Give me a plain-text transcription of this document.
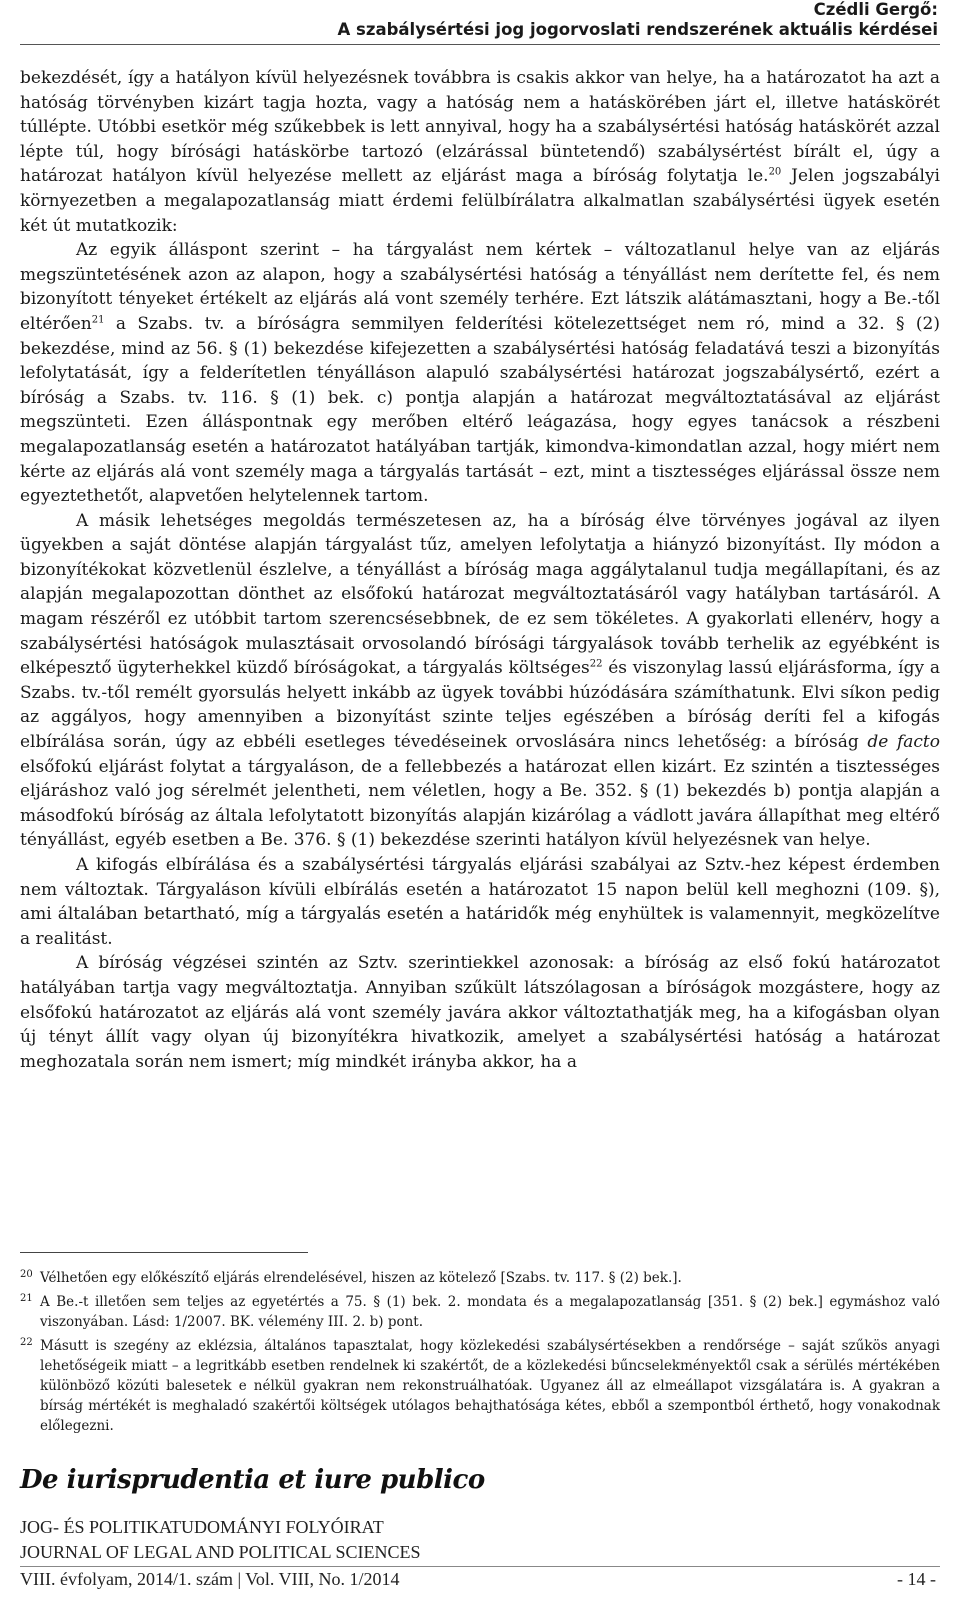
Czédli Gergő:
A szabálysértési jog jogorvoslati rendszerének aktuális kérdései

bekezdését, így a hatályon kívül helyezésnek továbbra is csakis akkor van helye, ha a határozatot ha azt a hatóság törvényben kizárt tagja hozta, vagy a hatóság nem a hatáskörében járt el, illetve hatáskörét túllépte. Utóbbi esetkör még szűkebbek is lett annyival, hogy ha a szabálysértési hatóság hatáskörét azzal lépte túl, hogy bírósági hatáskörbe tartozó (elzárással büntetendő) szabálysértést bírált el, úgy a határozat hatályon kívül helyezése mellett az eljárást maga a bíróság folytatja le.$^{20}$ Jelen jogszabályi környezetben a megalapozatlanság miatt érdemi felülbírálatra alkalmatlan szabálysértési ügyek esetén két út mutatkozik:

Az egyik álláspont szerint – ha tárgyalást nem kértek – változatlanul helye van az eljárás megszüntetésének azon az alapon, hogy a szabálysértési hatóság a tényállást nem derítette fel, és nem bizonyított tényeket értékelt az eljárás alá vont személy terhére. Ezt látszik alátámasztani, hogy a Be.-től eltérően$^{21}$ a Szabs. tv. a bíróságra semmilyen felderítési kötelezettséget nem ró, mind a 32. § (2) bekezdése, mind az 56. § (1) bekezdése kifejezetten a szabálysértési hatóság feladatává teszi a bizonyítás lefolytatását, így a felderítetlen tényálláson alapuló szabálysértési határozat jogszabálysértő, ezért a bíróság a Szabs. tv. 116. § (1) bek. c) pontja alapján a határozat megváltoztatásával az eljárást megszünteti. Ezen álláspontnak egy merőben eltérő leágazása, hogy egyes tanácsok a részbeni megalapozatlanság esetén a határozatot hatályában tartják, kimondva-kimondatlan azzal, hogy miért nem kérte az eljárás alá vont személy maga a tárgyalás tartását – ezt, mint a tisztességes eljárással össze nem egyeztethetőt, alapvetően helytelennek tartom.

A másik lehetséges megoldás természetesen az, ha a bíróság élve törvényes jogával az ilyen ügyekben a saját döntése alapján tárgyalást tűz, amelyen lefolytatja a hiányzó bizonyítást. Ily módon a bizonyítékokat közvetlenül észlelve, a tényállást a bíróság maga aggálytalanul tudja megállapítani, és az alapján megalapozottan dönthet az elsőfokú határozat megváltoztatásáról vagy hatályban tartásáról. A magam részéről ez utóbbit tartom szerencsésebbnek, de ez sem tökéletes. A gyakorlati ellenérv, hogy a szabálysértési hatóságok mulasztásait orvosolandó bírósági tárgyalások tovább terhelik az egyébként is elképesztő ügyterhekkel küzdő bíróságokat, a tárgyalás költséges$^{22}$ és viszonylag lassú eljárásforma, így a Szabs. tv.-től remélt gyorsulás helyett inkább az ügyek további húzódására számíthatunk. Elvi síkon pedig az aggályos, hogy amennyiben a bizonyítást szinte teljes egészében a bíróság deríti fel a kifogás elbírálása során, úgy az ebbéli esetleges tévedéseinek orvoslására nincs lehetőség: a bíróság de facto elsőfokú eljárást folytat a tárgyaláson, de a fellebbezés a határozat ellen kizárt. Ez szintén a tisztességes eljáráshoz való jog sérelmét jelentheti, nem véletlen, hogy a Be. 352. § (1) bekezdés b) pontja alapján a másodfokú bíróság az általa lefolytatott bizonyítás alapján kizárólag a vádlott javára állapíthat meg eltérő tényállást, egyéb esetben a Be. 376. § (1) bekezdése szerinti hatályon kívül helyezésnek van helye.

A kifogás elbírálása és a szabálysértési tárgyalás eljárási szabályai az Sztv.-hez képest érdemben nem változtak. Tárgyaláson kívüli elbírálás esetén a határozatot 15 napon belül kell meghozni (109. §), ami általában betartható, míg a tárgyalás esetén a határidők még enyhültek is valamennyit, megközelítve a realitást.

A bíróság végzései szintén az Sztv. szerintiekkel azonosak: a bíróság az első fokú határozatot hatályában tartja vagy megváltoztatja. Annyiban szűkült látszólagosan a bíróságok mozgástere, hogy az elsőfokú határozatot az eljárás alá vont személy javára akkor változtathatják meg, ha a kifogásban olyan új tényt állít vagy olyan új bizonyítékra hivatkozik, amelyet a szabálysértési hatóság a határozat meghozatala során nem ismert; míg mindkét irányba akkor, ha a

20 Vélhetően egy előkészítő eljárás elrendelésével, hiszen az kötelező [Szabs. tv. 117. § (2) bek.].
21 A Be.-t illetően sem teljes az egyetértés a 75. § (1) bek. 2. mondata és a megalapozatlanság [351. § (2) bek.] egymáshoz való viszonyában. Lásd: 1/2007. BK. vélemény III. 2. b) pont.
22 Másutt is szegény az eklézsia, általános tapasztalat, hogy közlekedési szabálysértésekben a rendőrsége – saját szűkös anyagi lehetőségeik miatt – a legritkább esetben rendelnek ki szakértőt, de a közlekedési bűncselekményektől csak a sérülés mértékében különböző közúti balesetek e nélkül gyakran nem rekonstruálhatóak. Ugyanez áll az elmeállapot vizsgálatára is. A gyakran a bírság mértékét is meghaladó szakértői költségek utólagos behajthatósága kétes, ebből a szempontból érthető, hogy vonakodnak előlegezni.
De iurisprudentia et iure publico
JOG- ÉS POLITIKATUDOMÁNYI FOLYÓIRAT
JOURNAL OF LEGAL AND POLITICAL SCIENCES
VIII. évfolyam, 2014/1. szám | Vol. VIII, No. 1/2014	- 14 -
